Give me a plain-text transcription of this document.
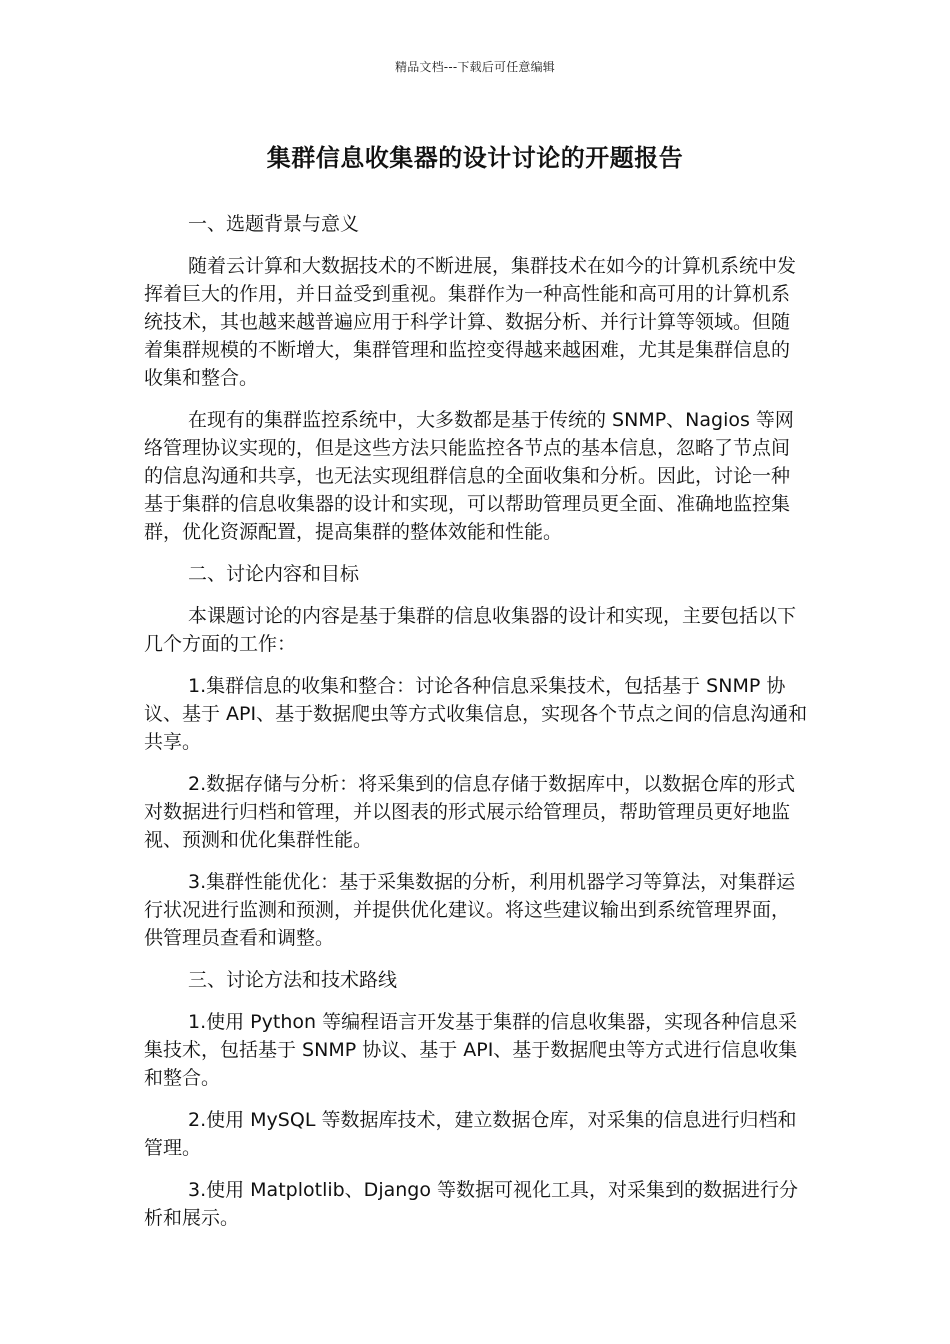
精品文档---下载后可任意编辑
集群信息收集器的设计讨论的开题报告

一、选题背景与意义

随着云计算和大数据技术的不断进展，集群技术在如今的计算机系统中发挥着巨大的作用，并日益受到重视。集群作为一种高性能和高可用的计算机系统技术，其也越来越普遍应用于科学计算、数据分析、并行计算等领域。但随着集群规模的不断增大，集群管理和监控变得越来越困难，尤其是集群信息的收集和整合。

在现有的集群监控系统中，大多数都是基于传统的 SNMP、Nagios 等网络管理协议实现的，但是这些方法只能监控各节点的基本信息，忽略了节点间的信息沟通和共享，也无法实现组群信息的全面收集和分析。因此，讨论一种基于集群的信息收集器的设计和实现，可以帮助管理员更全面、准确地监控集群，优化资源配置，提高集群的整体效能和性能。

二、讨论内容和目标

本课题讨论的内容是基于集群的信息收集器的设计和实现，主要包括以下几个方面的工作：

1.集群信息的收集和整合：讨论各种信息采集技术，包括基于 SNMP 协议、基于 API、基于数据爬虫等方式收集信息，实现各个节点之间的信息沟通和共享。

2.数据存储与分析：将采集到的信息存储于数据库中，以数据仓库的形式对数据进行归档和管理，并以图表的形式展示给管理员，帮助管理员更好地监视、预测和优化集群性能。

3.集群性能优化：基于采集数据的分析，利用机器学习等算法，对集群运行状况进行监测和预测，并提供优化建议。将这些建议输出到系统管理界面，供管理员查看和调整。

三、讨论方法和技术路线

1.使用 Python 等编程语言开发基于集群的信息收集器，实现各种信息采集技术，包括基于 SNMP 协议、基于 API、基于数据爬虫等方式进行信息收集和整合。

2.使用 MySQL 等数据库技术，建立数据仓库，对采集的信息进行归档和管理。

3.使用 Matplotlib、Django 等数据可视化工具，对采集到的数据进行分析和展示。
